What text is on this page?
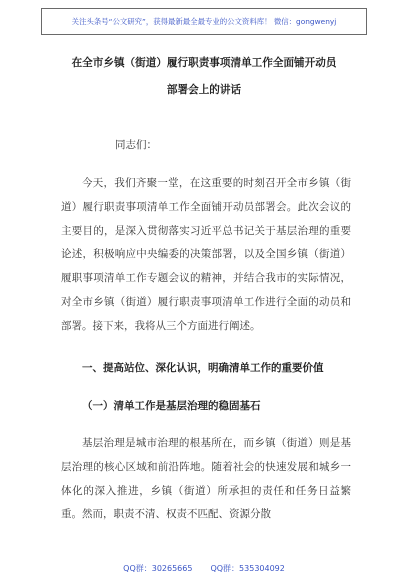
关注头条号“公文研究”，获得最新最全最专业的公文资料库！ 微信：gongwenyj
在全市乡镇（街道）履行职责事项清单工作全面铺开动员
部署会上的讲话
同志们：
今天，我们齐聚一堂，在这重要的时刻召开全市乡镇（街道）履行职责事项清单工作全面铺开动员部署会。此次会议的主要目的，是深入贯彻落实习近平总书记关于基层治理的重要论述，积极响应中央编委的决策部署，以及全国乡镇（街道）履职事项清单工作专题会议的精神，并结合我市的实际情况，对全市乡镇（街道）履行职责事项清单工作进行全面的动员和部署。接下来，我将从三个方面进行阐述。
一、提高站位、深化认识，明确清单工作的重要价值
（一）清单工作是基层治理的稳固基石
基层治理是城市治理的根基所在，而乡镇（街道）则是基层治理的核心区域和前沿阵地。随着社会的快速发展和城乡一体化的深入推进，乡镇（街道）所承担的责任和任务日益繁重。然而，职责不清、权责不匹配、资源分散
QQ群：30265665 QQ群：535304092
